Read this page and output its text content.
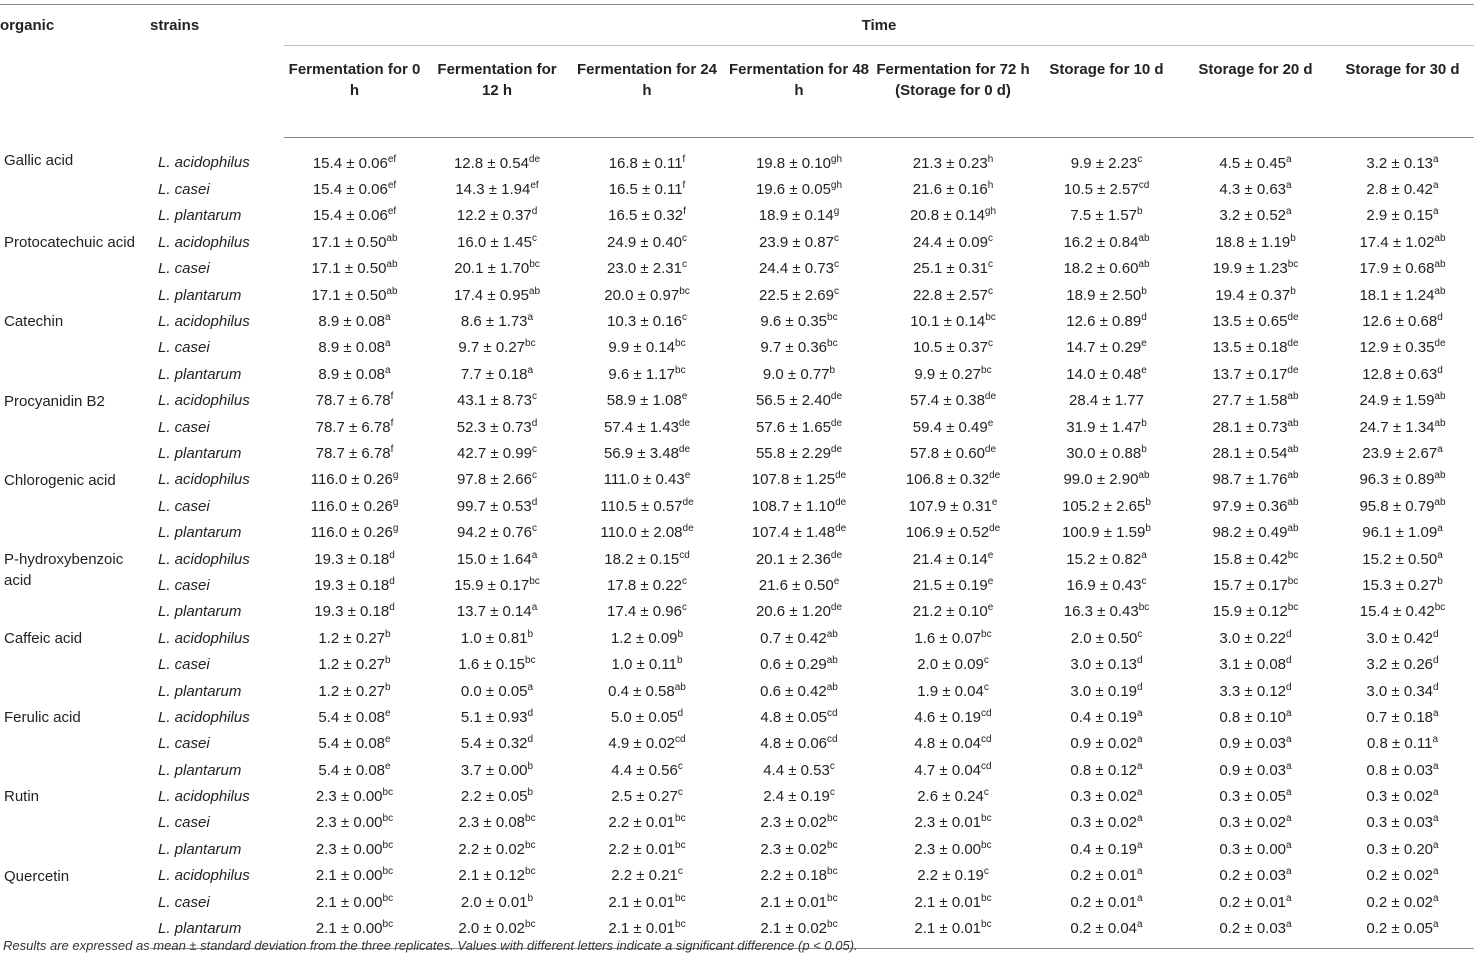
organic	strains	Time							
		Fermentation for 0 h	Fermentation for 12 h	Fermentation for 24 h	Fermentation for 48 h	Fermentation for 72 h (Storage for 0 d)	Storage for 10 d	Storage for 20 d	Storage for 30 d
Gallic acid	L. acidophilus	15.4 ± 0.06$^{ef}$	12.8 ± 0.54de	16.8 ± 0.11$^f$	19.8 ± 0.10$^{gh}$	21.3 ± 0.23$^h$	9.9 ± 2.23$^c$	4.5 ± 0.45$^a$	3.2 ± 0.13$^a$
	L. casei	15.4 ± 0.06$^{ef}$	14.3 ± 1.94$^{ef}$	16.5 ± 0.11$^f$	19.6 ± 0.05$^{gh}$	21.6 ± 0.16$^h$	10.5 ± 2.57$^{cd}$	4.3 ± 0.63$^a$	2.8 ± 0.42$^a$
	L. plantarum	15.4 ± 0.06$^{ef}$	12.2 ± 0.37$^d$	16.5 ± 0.32$^f$	18.9 ± 0.14$^g$	20.8 ± 0.14$^{gh}$	7.5 ± 1.57$^b$	3.2 ± 0.52$^a$	2.9 ± 0.15$^a$
Protocatechuic acid	L. acidophilus	17.1 ± 0.50$^{ab}$	16.0 ± 1.45$^c$	24.9 ± 0.40$^c$	23.9 ± 0.87$^c$	24.4 ± 0.09$^c$	16.2 ± 0.84$^{ab}$	18.8 ± 1.19$^b$	17.4 ± 1.02$^{ab}$
	L. casei	17.1 ± 0.50$^{ab}$	20.1 ± 1.70$^{bc}$	23.0 ± 2.31$^c$	24.4 ± 0.73$^c$	25.1 ± 0.31$^c$	18.2 ± 0.60$^{ab}$	19.9 ± 1.23$^{bc}$	17.9 ± 0.68$^{ab}$
	L. plantarum	17.1 ± 0.50$^{ab}$	17.4 ± 0.95$^{ab}$	20.0 ± 0.97$^{bc}$	22.5 ± 2.69$^c$	22.8 ± 2.57$^c$	18.9 ± 2.50$^b$	19.4 ± 0.37$^b$	18.1 ± 1.24$^{ab}$
Catechin	L. acidophilus	8.9 ± 0.08$^a$	8.6 ± 1.73$^a$	10.3 ± 0.16$^c$	9.6 ± 0.35$^{bc}$	10.1 ± 0.14$^{bc}$	12.6 ± 0.89$^d$	13.5 ± 0.65de	12.6 ± 0.68$^d$
	L. casei	8.9 ± 0.08$^a$	9.7 ± 0.27$^{bc}$	9.9 ± 0.14$^{bc}$	9.7 ± 0.36$^{bc}$	10.5 ± 0.37$^c$	14.7 ± 0.29$^e$	13.5 ± 0.18de	12.9 ± 0.35de
	L. plantarum	8.9 ± 0.08$^a$	7.7 ± 0.18$^a$	9.6 ± 1.17$^{bc}$	9.0 ± 0.77$^b$	9.9 ± 0.27$^{bc}$	14.0 ± 0.48$^e$	13.7 ± 0.17de	12.8 ± 0.63$^d$
Procyanidin B2	L. acidophilus	78.7 ± 6.78$^f$	43.1 ± 8.73$^c$	58.9 ± 1.08$^e$	56.5 ± 2.40de	57.4 ± 0.38de	28.4 ± 1.77	27.7 ± 1.58$^{ab}$	24.9 ± 1.59$^{ab}$
	L. casei	78.7 ± 6.78$^f$	52.3 ± 0.73$^d$	57.4 ± 1.43de	57.6 ± 1.65de	59.4 ± 0.49$^e$	31.9 ± 1.47$^b$	28.1 ± 0.73$^{ab}$	24.7 ± 1.34$^{ab}$
	L. plantarum	78.7 ± 6.78$^f$	42.7 ± 0.99$^c$	56.9 ± 3.48de	55.8 ± 2.29de	57.8 ± 0.60de	30.0 ± 0.88$^b$	28.1 ± 0.54$^{ab}$	23.9 ± 2.67$^a$
Chlorogenic acid	L. acidophilus	116.0 ± 0.26$^g$	97.8 ± 2.66$^c$	111.0 ± 0.43$^e$	107.8 ± 1.25de	106.8 ± 0.32de	99.0 ± 2.90$^{ab}$	98.7 ± 1.76$^{ab}$	96.3 ± 0.89$^{ab}$
	L. casei	116.0 ± 0.26$^g$	99.7 ± 0.53$^d$	110.5 ± 0.57de	108.7 ± 1.10de	107.9 ± 0.31$^e$	105.2 ± 2.65$^b$	97.9 ± 0.36$^{ab}$	95.8 ± 0.79$^{ab}$
	L. plantarum	116.0 ± 0.26$^g$	94.2 ± 0.76$^c$	110.0 ± 2.08de	107.4 ± 1.48de	106.9 ± 0.52de	100.9 ± 1.59$^b$	98.2 ± 0.49$^{ab}$	96.1 ± 1.09$^a$
P-hydroxybenzoic acid	L. acidophilus	19.3 ± 0.18$^d$	15.0 ± 1.64$^a$	18.2 ± 0.15$^{cd}$	20.1 ± 2.36de	21.4 ± 0.14$^e$	15.2 ± 0.82$^a$	15.8 ± 0.42$^{bc}$	15.2 ± 0.50$^a$
	L. casei	19.3 ± 0.18$^d$	15.9 ± 0.17$^{bc}$	17.8 ± 0.22$^c$	21.6 ± 0.50$^e$	21.5 ± 0.19$^e$	16.9 ± 0.43$^c$	15.7 ± 0.17$^{bc}$	15.3 ± 0.27$^b$
	L. plantarum	19.3 ± 0.18$^d$	13.7 ± 0.14$^a$	17.4 ± 0.96$^c$	20.6 ± 1.20de	21.2 ± 0.10$^e$	16.3 ± 0.43$^{bc}$	15.9 ± 0.12$^{bc}$	15.4 ± 0.42$^{bc}$
Caffeic acid	L. acidophilus	1.2 ± 0.27$^b$	1.0 ± 0.81$^b$	1.2 ± 0.09$^b$	0.7 ± 0.42$^{ab}$	1.6 ± 0.07$^{bc}$	2.0 ± 0.50$^c$	3.0 ± 0.22$^d$	3.0 ± 0.42$^d$
	L. casei	1.2 ± 0.27$^b$	1.6 ± 0.15$^{bc}$	1.0 ± 0.11$^b$	0.6 ± 0.29$^{ab}$	2.0 ± 0.09$^c$	3.0 ± 0.13$^d$	3.1 ± 0.08$^d$	3.2 ± 0.26$^d$
	L. plantarum	1.2 ± 0.27$^b$	0.0 ± 0.05$^a$	0.4 ± 0.58$^{ab}$	0.6 ± 0.42$^{ab}$	1.9 ± 0.04$^c$	3.0 ± 0.19$^d$	3.3 ± 0.12$^d$	3.0 ± 0.34$^d$
Ferulic acid	L. acidophilus	5.4 ± 0.08$^e$	5.1 ± 0.93$^d$	5.0 ± 0.05$^d$	4.8 ± 0.05$^{cd}$	4.6 ± 0.19$^{cd}$	0.4 ± 0.19$^a$	0.8 ± 0.10$^a$	0.7 ± 0.18$^a$
	L. casei	5.4 ± 0.08$^e$	5.4 ± 0.32$^d$	4.9 ± 0.02$^{cd}$	4.8 ± 0.06$^{cd}$	4.8 ± 0.04$^{cd}$	0.9 ± 0.02$^a$	0.9 ± 0.03$^a$	0.8 ± 0.11$^a$
	L. plantarum	5.4 ± 0.08$^e$	3.7 ± 0.00$^b$	4.4 ± 0.56$^c$	4.4 ± 0.53$^c$	4.7 ± 0.04$^{cd}$	0.8 ± 0.12$^a$	0.9 ± 0.03$^a$	0.8 ± 0.03$^a$
Rutin	L. acidophilus	2.3 ± 0.00$^{bc}$	2.2 ± 0.05$^b$	2.5 ± 0.27$^c$	2.4 ± 0.19$^c$	2.6 ± 0.24$^c$	0.3 ± 0.02$^a$	0.3 ± 0.05$^a$	0.3 ± 0.02$^a$
	L. casei	2.3 ± 0.00$^{bc}$	2.3 ± 0.08$^{bc}$	2.2 ± 0.01$^{bc}$	2.3 ± 0.02$^{bc}$	2.3 ± 0.01$^{bc}$	0.3 ± 0.02$^a$	0.3 ± 0.02$^a$	0.3 ± 0.03$^a$
	L. plantarum	2.3 ± 0.00$^{bc}$	2.2 ± 0.02$^{bc}$	2.2 ± 0.01$^{bc}$	2.3 ± 0.02$^{bc}$	2.3 ± 0.00$^{bc}$	0.4 ± 0.19$^a$	0.3 ± 0.00$^a$	0.3 ± 0.20$^a$
Quercetin	L. acidophilus	2.1 ± 0.00$^{bc}$	2.1 ± 0.12$^{bc}$	2.2 ± 0.21$^c$	2.2 ± 0.18$^{bc}$	2.2 ± 0.19$^c$	0.2 ± 0.01$^a$	0.2 ± 0.03$^a$	0.2 ± 0.02$^a$
	L. casei	2.1 ± 0.00$^{bc}$	2.0 ± 0.01$^b$	2.1 ± 0.01$^{bc}$	2.1 ± 0.01$^{bc}$	2.1 ± 0.01$^{bc}$	0.2 ± 0.01$^a$	0.2 ± 0.01$^a$	0.2 ± 0.02$^a$
	L. plantarum	2.1 ± 0.00$^{bc}$	2.0 ± 0.02$^{bc}$	2.1 ± 0.01$^{bc}$	2.1 ± 0.02$^{bc}$	2.1 ± 0.01$^{bc}$	0.2 ± 0.04$^a$	0.2 ± 0.03$^a$	0.2 ± 0.05$^a$
Results are expressed as mean ± standard deviation from the three replicates. Values with different letters indicate a significant difference (p < 0.05).
